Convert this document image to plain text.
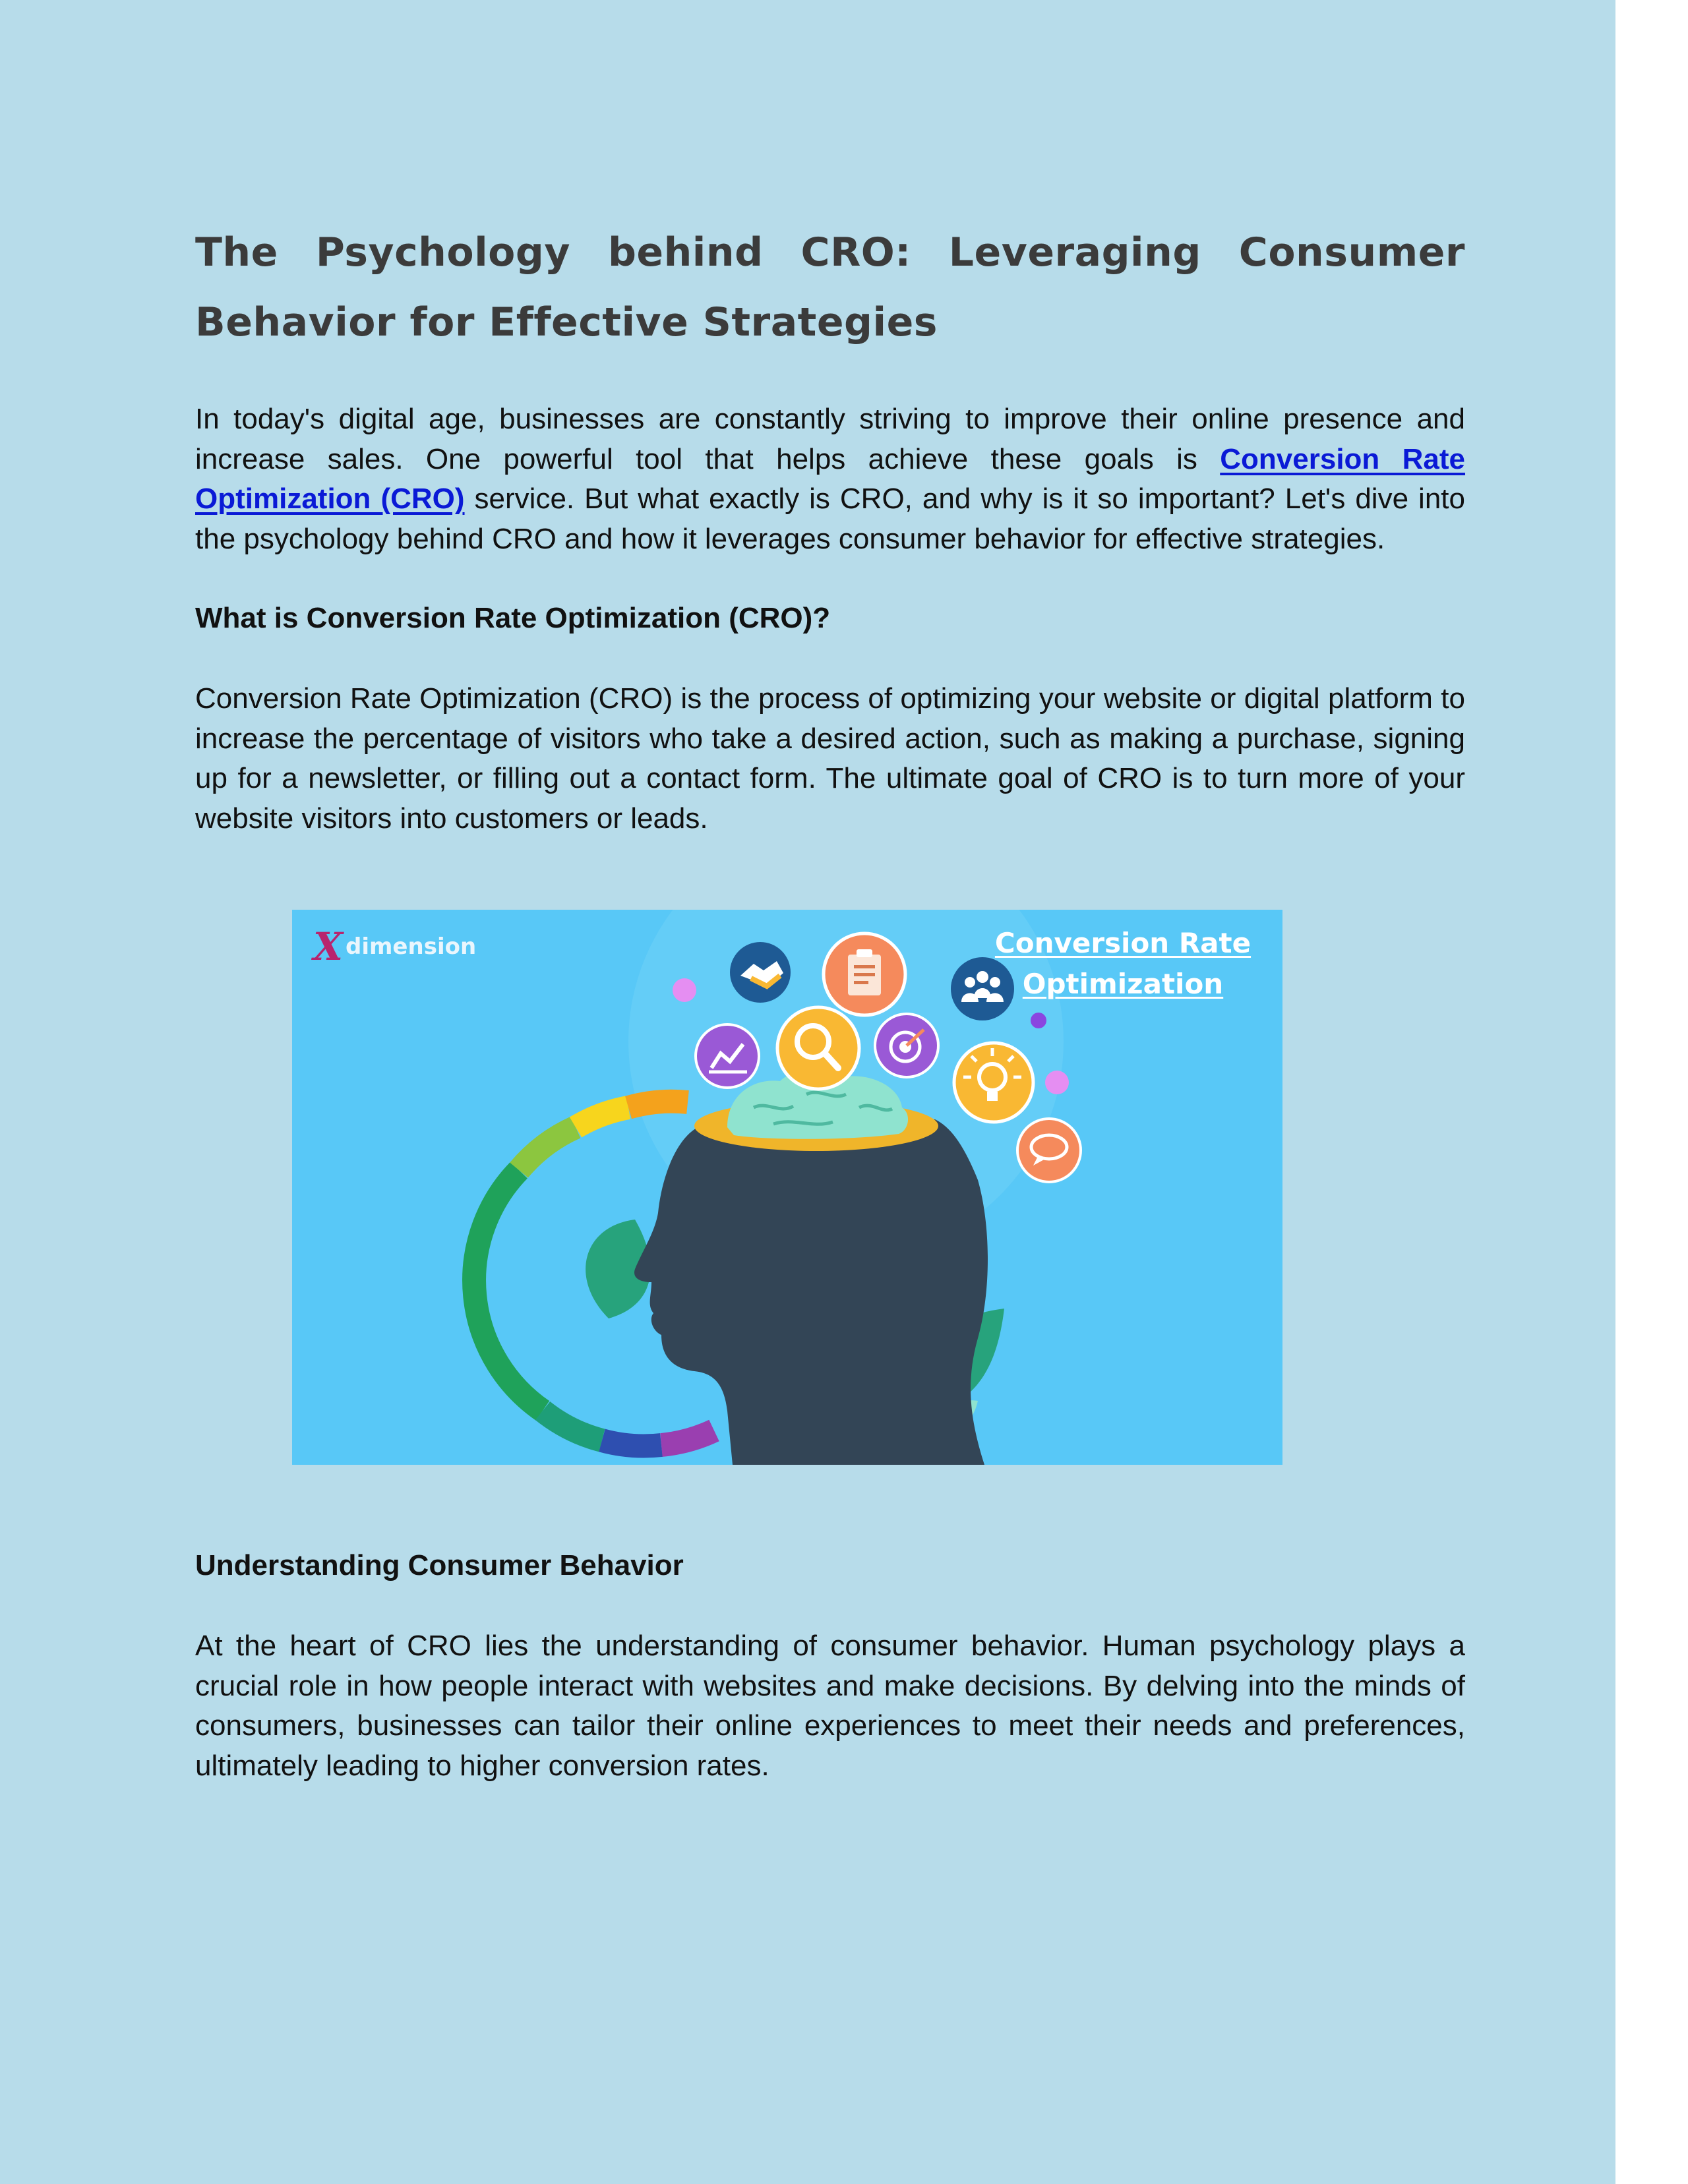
The Psychology behind CRO: Leveraging Consumer Behavior for Effective Strategies

In today's digital age, businesses are constantly striving to improve their online presence and increase sales. One powerful tool that helps achieve these goals is Conversion Rate Optimization (CRO) service. But what exactly is CRO, and why is it so important? Let's dive into the psychology behind CRO and how it leverages consumer behavior for effective strategies.

What is Conversion Rate Optimization (CRO)?

Conversion Rate Optimization (CRO) is the process of optimizing your website or digital platform to increase the percentage of visitors who take a desired action, such as making a purchase, signing up for a newsletter, or filling out a contact form. The ultimate goal of CRO is to turn more of your website visitors into customers or leads.

X dimension	Conversion Rate
Optimization
Understanding Consumer Behavior

At the heart of CRO lies the understanding of consumer behavior. Human psychology plays a crucial role in how people interact with websites and make decisions. By delving into the minds of consumers, businesses can tailor their online experiences to meet their needs and preferences, ultimately leading to higher conversion rates.
